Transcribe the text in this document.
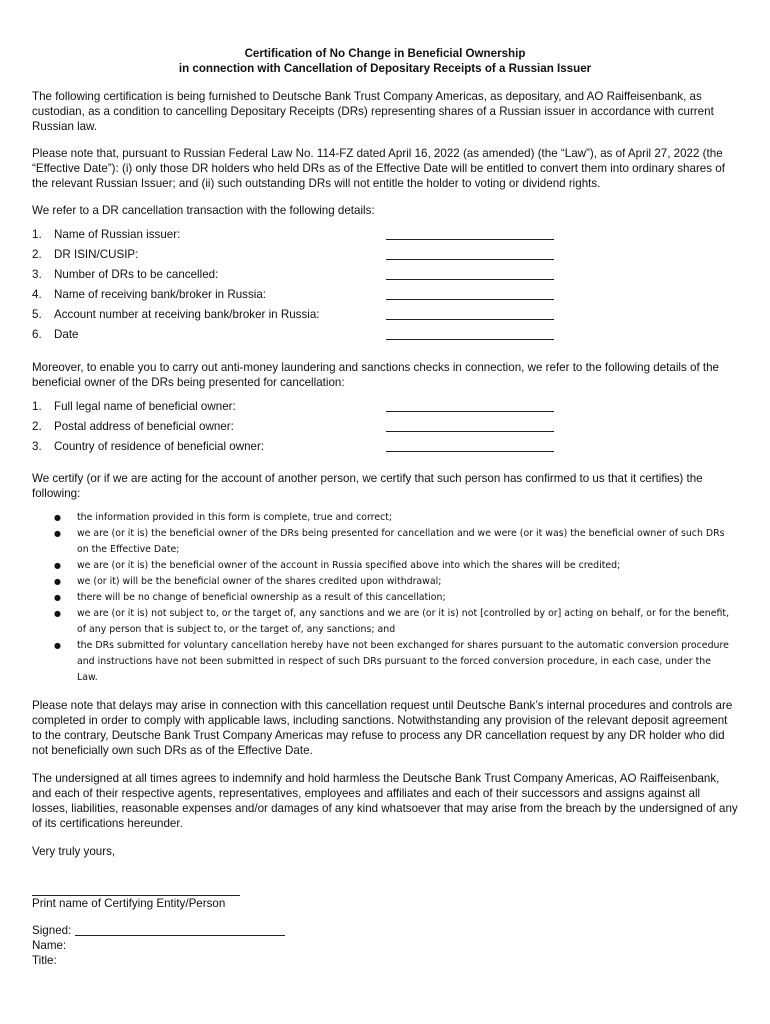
Certification of No Change in Beneficial Ownership

in connection with Cancellation of Depositary Receipts of a Russian Issuer

The following certification is being furnished to Deutsche Bank Trust Company Americas, as depositary, and AO Raiffeisenbank, as custodian, as a condition to cancelling Depositary Receipts (DRs) representing shares of a Russian issuer in accordance with current Russian law.

Please note that, pursuant to Russian Federal Law No. 114-FZ dated April 16, 2022 (as amended) (the “Law”), as of April 27, 2022 (the “Effective Date”): (i) only those DR holders who held DRs as of the Effective Date will be entitled to convert them into ordinary shares of the relevant Russian Issuer; and (ii) such outstanding DRs will not entitle the holder to voting or dividend rights.

We refer to a DR cancellation transaction with the following details:

1.	Name of Russian issuer:
2.	DR ISIN/CUSIP:
3.	Number of DRs to be cancelled:
4.	Name of receiving bank/broker in Russia:
5.	Account number at receiving bank/broker in Russia:
6.	Date

Moreover, to enable you to carry out anti-money laundering and sanctions checks in connection, we refer to the following details of the beneficial owner of the DRs being presented for cancellation:

1.	Full legal name of beneficial owner:
2.	Postal address of beneficial owner:
3.	Country of residence of beneficial owner:

We certify (or if we are acting for the account of another person, we certify that such person has confirmed to us that it certifies) the following:

●	the information provided in this form is complete, true and correct;
●	we are (or it is) the beneficial owner of the DRs being presented for cancellation and we were (or it was) the beneficial owner of such DRs on the Effective Date;
●	we are (or it is) the beneficial owner of the account in Russia specified above into which the shares will be credited;
●	we (or it) will be the beneficial owner of the shares credited upon withdrawal;
●	there will be no change of beneficial ownership as a result of this cancellation;
●	we are (or it is) not subject to, or the target of, any sanctions and we are (or it is) not [controlled by or] acting on behalf, or for the benefit, of any person that is subject to, or the target of, any sanctions; and
●	the DRs submitted for voluntary cancellation hereby have not been exchanged for shares pursuant to the automatic conversion procedure and instructions have not been submitted in respect of such DRs pursuant to the forced conversion procedure, in each case, under the Law.

Please note that delays may arise in connection with this cancellation request until Deutsche Bank’s internal procedures and controls are completed in order to comply with applicable laws, including sanctions. Notwithstanding any provision of the relevant deposit agreement to the contrary, Deutsche Bank Trust Company Americas may refuse to process any DR cancellation request by any DR holder who did not beneficially own such DRs as of the Effective Date.

The undersigned at all times agrees to indemnify and hold harmless the Deutsche Bank Trust Company Americas, AO Raiffeisenbank, and each of their respective agents, representatives, employees and affiliates and each of their successors and assigns against all losses, liabilities, reasonable expenses and/or damages of any kind whatsoever that may arise from the breach by the undersigned of any of its certifications hereunder.

Very truly yours,

Print name of Certifying Entity/Person

Signed:

Name:

Title:
